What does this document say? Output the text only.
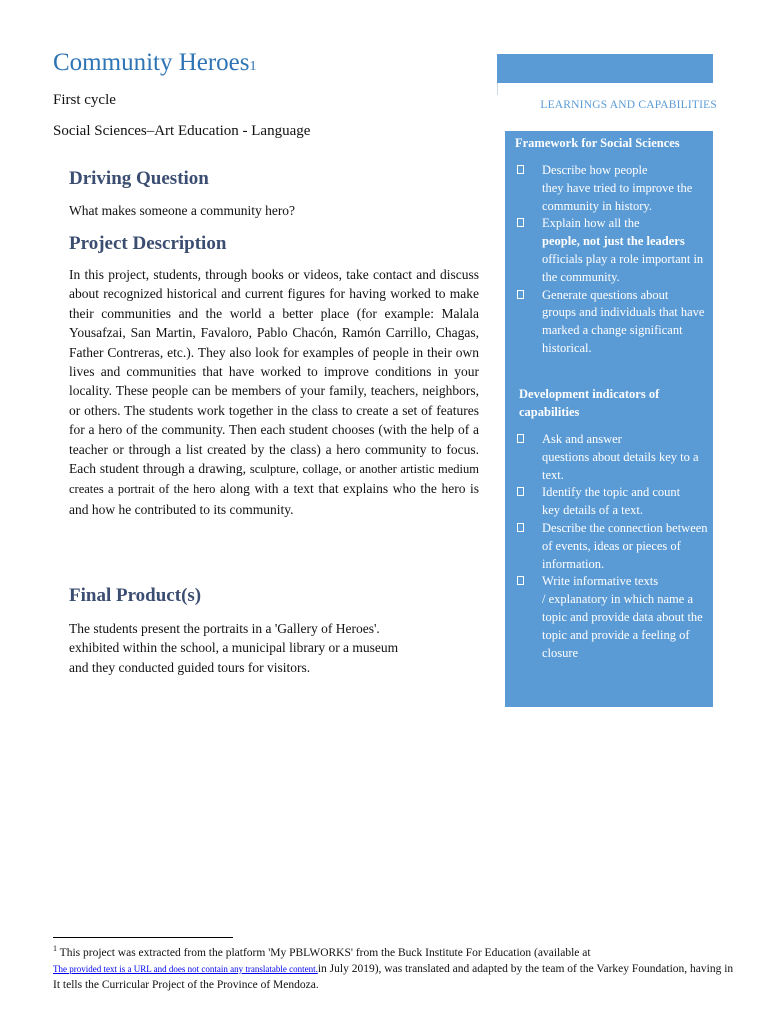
Community Heroes$^1$
First cycle
Social Sciences–Art Education - Language
Driving Question
What makes someone a community hero?
Project Description

In this project, students, through books or videos, take contact and discuss about recognized historical and current figures for having worked to make their communities and the world a better place (for example: Malala Yousafzai, San Martin, Favaloro, Pablo Chacón, Ramón Carrillo, Chagas, Father Contreras, etc.). They also look for examples of people in their own lives and communities that have worked to improve conditions in your locality. These people can be members of your family, teachers, neighbors, or others. The students work together in the class to create a set of features for a hero of the community. Then each student chooses (with the help of a teacher or through a list created by the class) a hero community to focus. Each student through a drawing, sculpture, collage, or another artistic medium creates a portrait of the hero along with a text that explains who the hero is and how he contributed to its community.

Final Product(s)

The students present the portraits in a 'Gallery of Heroes'.
exhibited within the school, a municipal library or a museum
and they conducted guided tours for visitors.

LEARNINGS AND CAPABILITIES
Framework for Social Sciences
Describe how people
they have tried to improve the community in history.
Explain how all the
people, not just the leaders officials play a role important in the community.
Generate questions about
groups and individuals that have marked a change significant historical.
Development indicators of capabilities
Ask and answer
questions about details key to a text.
Identify the topic and count
key details of a text.
Describe the connection between
of events, ideas or pieces of information.
Write informative texts
/ explanatory in which name a topic and provide data about the topic and provide a feeling of closure

$^1$ This project was extracted from the platform 'My PBLWORKS' from the Buck Institute For Education (available at
The provided text is a URL and does not contain any translatable content.in July 2019), was translated and adapted by the team of the Varkey Foundation, having in
It tells the Curricular Project of the Province of Mendoza.
